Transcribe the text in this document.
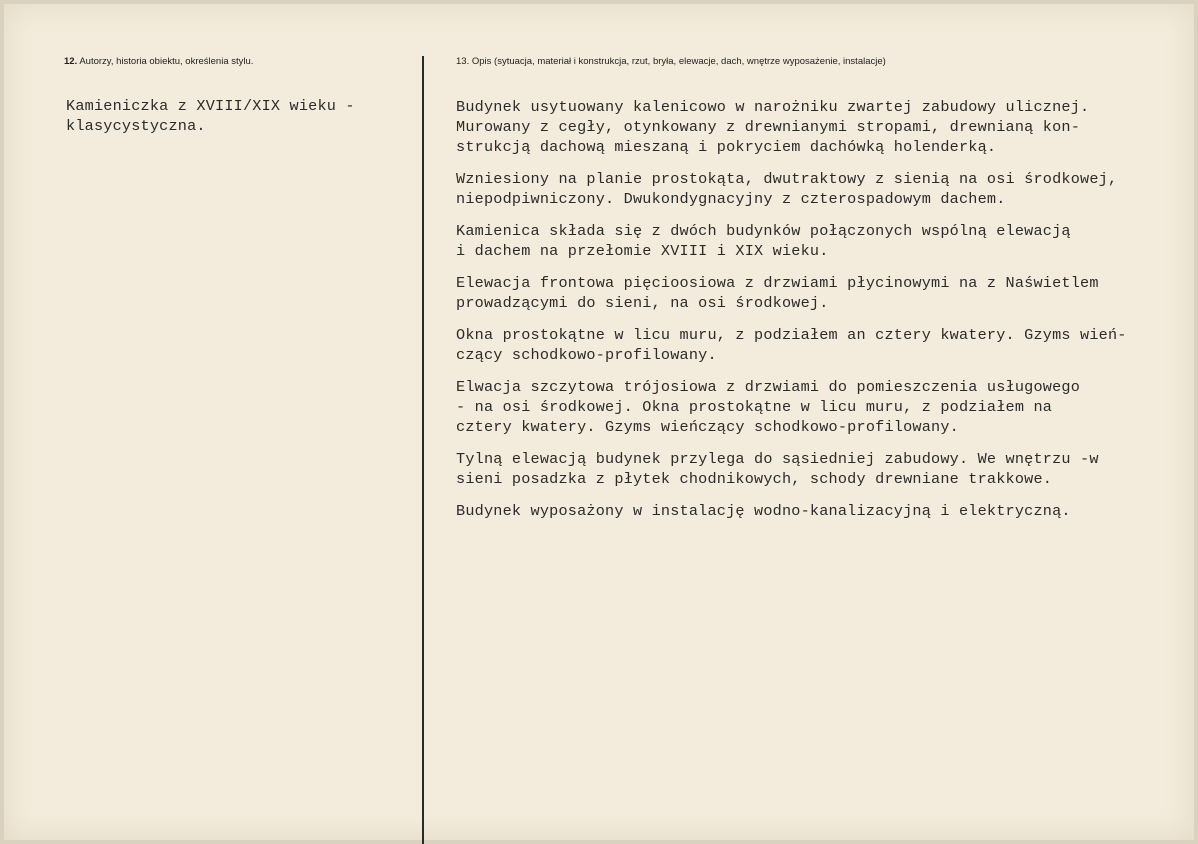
12. Autorzy, historia obiektu, określenia stylu.	13. Opis (sytuacja, materiał i konstrukcja, rzut, bryła, elewacje, dach, wnętrze wyposażenie, instalacje)
Kamieniczka z XVIII/XIX wieku -
klasycystyczna.
Budynek usytuowany kalenicowo w narożniku zwartej zabudowy ulicznej.
Murowany z cegły, otynkowany z drewnianymi stropami, drewnianą kon-
strukcją dachową mieszaną i pokryciem dachówką holenderką.
Wzniesiony na planie prostokąta, dwutraktowy z sienią na osi środkowej,
niepodpiwniczony. Dwukondygnacyjny z czterospadowym dachem.
Kamienica składa się z dwóch budynków połączonych wspólną elewacją
i dachem na przełomie XVIII i XIX wieku.
Elewacja frontowa pięcioosiowa z drzwiami płycinowymi na z Naświetlem
prowadzącymi do sieni, na osi środkowej.
Okna prostokątne w licu muru, z podziałem an cztery kwatery. Gzyms wień-
czący schodkowo-profilowany.
Elwacja szczytowa trójosiowa z drzwiami do pomieszczenia usługowego
- na osi środkowej. Okna prostokątne w licu muru, z podziałem na
cztery kwatery. Gzyms wieńczący schodkowo-profilowany.
Tylną elewacją budynek przylega do sąsiedniej zabudowy. We wnętrzu -w
sieni posadzka z płytek chodnikowych, schody drewniane trakkowe.
Budynek wyposażony w instalację wodno-kanalizacyjną i elektryczną.
